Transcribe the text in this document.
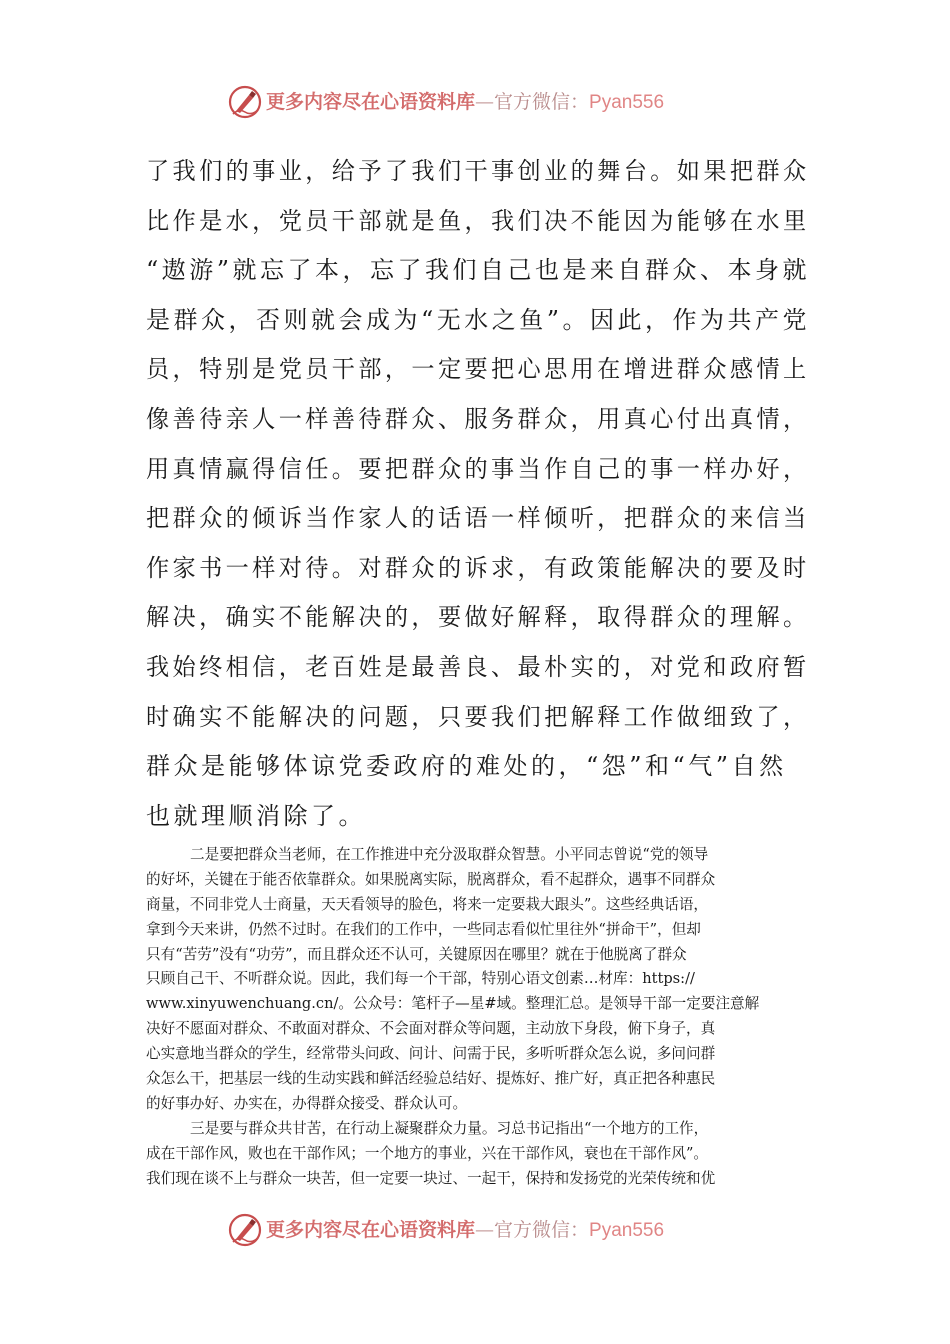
更多内容尽在心语资料库—官方微信：Pyan556
了我们的事业，给予了我们干事创业的舞台。如果把群众
比作是水，党员干部就是鱼，我们决不能因为能够在水里
“遨游”就忘了本，忘了我们自己也是来自群众、本身就
是群众，否则就会成为“无水之鱼”。因此，作为共产党
员，特别是党员干部，一定要把心思用在增进群众感情上
像善待亲人一样善待群众、服务群众，用真心付出真情，
用真情赢得信任。要把群众的事当作自己的事一样办好，
把群众的倾诉当作家人的话语一样倾听，把群众的来信当
作家书一样对待。对群众的诉求，有政策能解决的要及时
解决，确实不能解决的，要做好解释，取得群众的理解。
我始终相信，老百姓是最善良、最朴实的，对党和政府暂
时确实不能解决的问题，只要我们把解释工作做细致了，
群众是能够体谅党委政府的难处的，“怨”和“气”自然
也就理顺消除了。
二是要把群众当老师，在工作推进中充分汲取群众智慧。小平同志曾说“党的领导
的好坏，关键在于能否依靠群众。如果脱离实际，脱离群众，看不起群众，遇事不同群众
商量，不同非党人士商量，天天看领导的脸色，将来一定要栽大跟头”。这些经典话语，
拿到今天来讲，仍然不过时。在我们的工作中，一些同志看似忙里往外“拼命干”，但却
只有“苦劳”没有“功劳”，而且群众还不认可，关键原因在哪里？就在于他脱离了群众
只顾自己干、不听群众说。因此，我们每一个干部，特别心语文创素…材库：https://
www.xinyuwenchuang.cn/。公众号：笔杆子—星#域。整理汇总。是领导干部一定要注意解
决好不愿面对群众、不敢面对群众、不会面对群众等问题，主动放下身段，俯下身子，真
心实意地当群众的学生，经常带头问政、问计、问需于民，多听听群众怎么说，多问问群
众怎么干，把基层一线的生动实践和鲜活经验总结好、提炼好、推广好，真正把各种惠民
的好事办好、办实在，办得群众接受、群众认可。
三是要与群众共甘苦，在行动上凝聚群众力量。习总书记指出“一个地方的工作，
成在干部作风，败也在干部作风；一个地方的事业，兴在干部作风，衰也在干部作风”。
我们现在谈不上与群众一块苦，但一定要一块过、一起干，保持和发扬党的光荣传统和优
更多内容尽在心语资料库—官方微信：Pyan556
